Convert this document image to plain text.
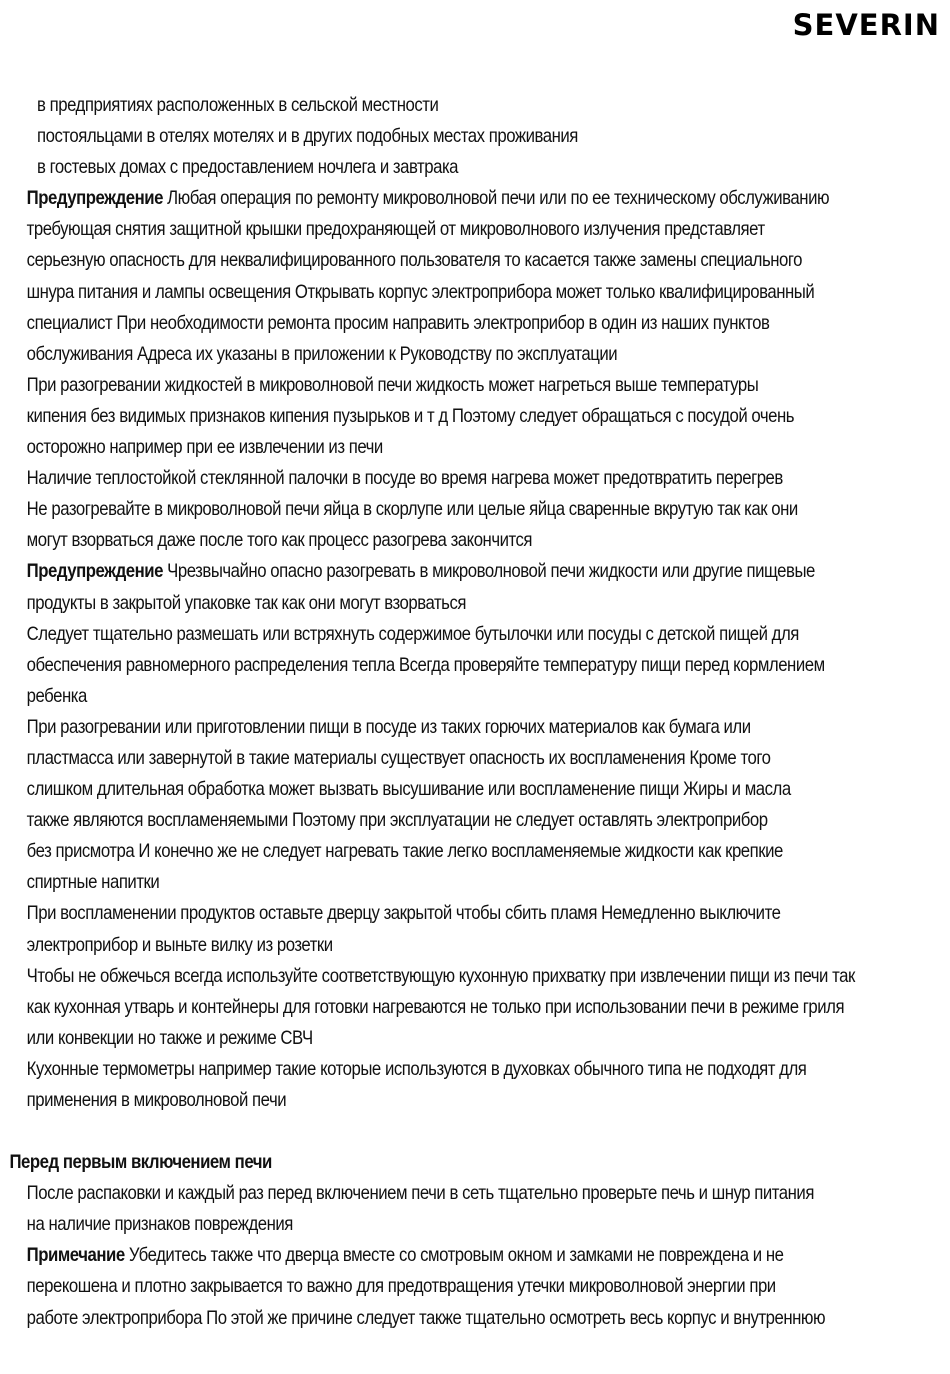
SEVERIN
в предприятиях расположенных в сельской местности
постояльцами в отелях мотелях и в других подобных местах проживания
в гостевых домах с предоставлением ночлега и завтрака
Предупреждение Любая операция по ремонту микроволновой печи или по ее техническому обслуживанию
требующая снятия защитной крышки предохраняющей от микроволнового излучения представляет
серьезную опасность для неквалифицированного пользователя то касается также замены специального
шнура питания и лампы освещения Открывать корпус электроприбора может только квалифицированный
специалист При необходимости ремонта просим направить электроприбор в один из наших пунктов
обслуживания Адреса их указаны в приложении к Руководству по эксплуатации
При разогревании жидкостей в микроволновой печи жидкость может нагреться выше температуры
кипения без видимых признаков кипения пузырьков и т д Поэтому следует обращаться с посудой очень
осторожно например при ее извлечении из печи
Наличие теплостойкой стеклянной палочки в посуде во время нагрева может предотвратить перегрев
Не разогревайте в микроволновой печи яйца в скорлупе или целые яйца сваренные вкрутую так как они
могут взорваться даже после того как процесс разогрева закончится
Предупреждение Чрезвычайно опасно разогревать в микроволновой печи жидкости или другие пищевые
продукты в закрытой упаковке так как они могут взорваться
Следует тщательно размешать или встряхнуть содержимое бутылочки или посуды с детской пищей для
обеспечения равномерного распределения тепла Всегда проверяйте температуру пищи перед кормлением
ребенка
При разогревании или приготовлении пищи в посуде из таких горючих материалов как бумага или
пластмасса или завернутой в такие материалы существует опасность их воспламенения Кроме того
слишком длительная обработка может вызвать высушивание или воспламенение пищи Жиры и масла
также являются воспламеняемыми Поэтому при эксплуатации не следует оставлять электроприбор
без присмотра И конечно же не следует нагревать такие легко воспламеняемые жидкости как крепкие
спиртные напитки
При воспламенении продуктов оставьте дверцу закрытой чтобы сбить пламя Немедленно выключите
электроприбор и выньте вилку из розетки
Чтобы не обжечься всегда используйте соответствующую кухонную прихватку при извлечении пищи из печи так
как кухонная утварь и контейнеры для готовки нагреваются не только при использовании печи в режиме гриля
или конвекции но также и режиме СВЧ
Кухонные термометры например такие которые используются в духовках обычного типа не подходят для
применения в микроволновой печи
Перед первым включением печи
После распаковки и каждый раз перед включением печи в сеть тщательно проверьте печь и шнур питания
на наличие признаков повреждения
Примечание Убедитесь также что дверца вместе со смотровым окном и замками не повреждена и не
перекошена и плотно закрывается то важно для предотвращения утечки микроволновой энергии при
работе электроприбора По этой же причине следует также тщательно осмотреть весь корпус и внутреннюю
